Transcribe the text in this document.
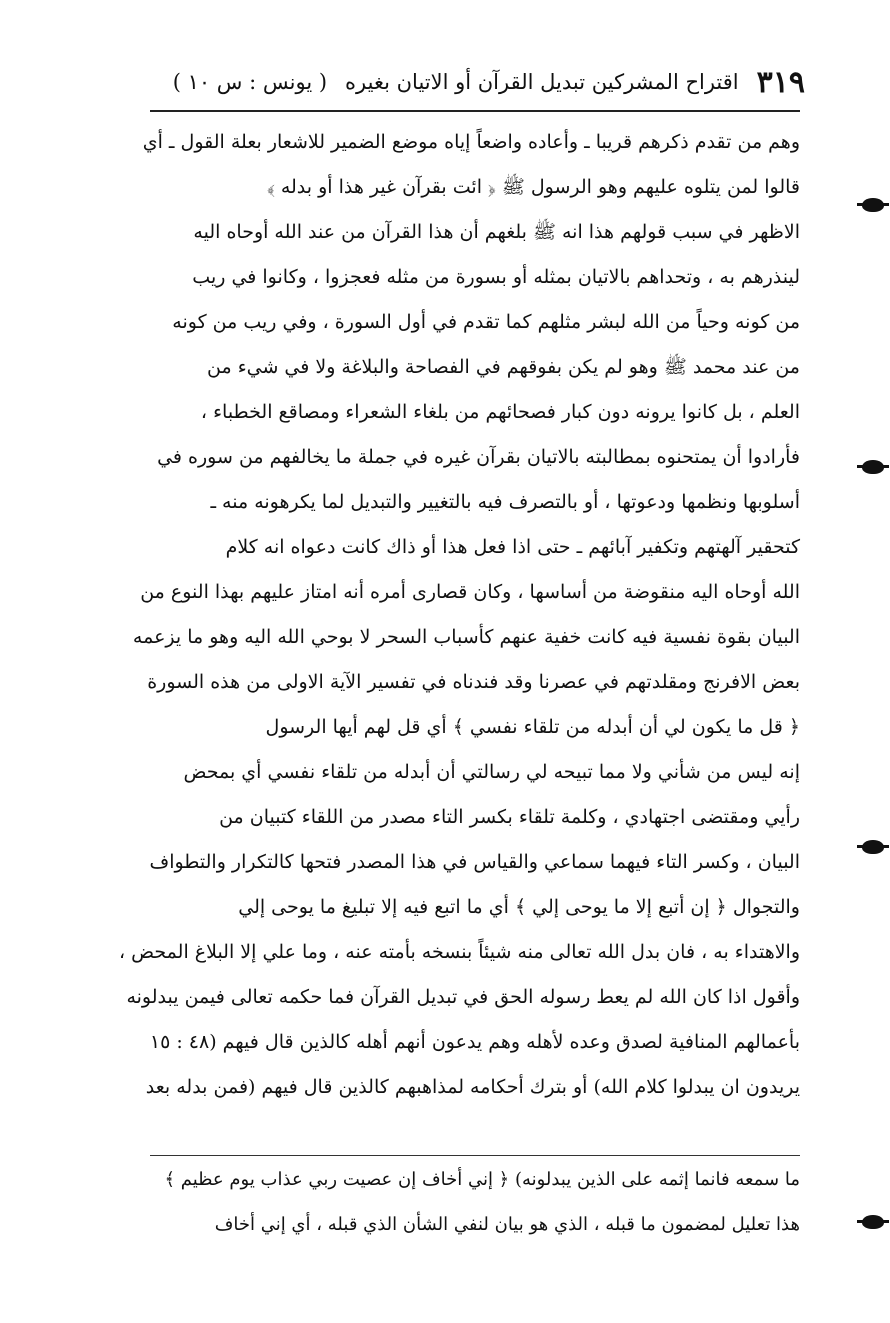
٣١٩
اقتراح المشركين تبديل القرآن أو الاتيان بغيره
( يونس : س ١٠ )
وهم من تقدم ذكرهم قريبا ـ وأعاده واضعاً إياه موضع الضمير للاشعار بعلة القول ـ أي
قالوا لمن يتلوه عليهم وهو الرسول ﷺ ﴿ ائت بقرآن غير هذا أو بدله ﴾
الاظهر في سبب قولهم هذا انه ﷺ بلغهم أن هذا القرآن من عند الله أوحاه اليه
لينذرهم به ، وتحداهم بالاتيان بمثله أو بسورة من مثله فعجزوا ، وكانوا في ريب
من كونه وحياً من الله لبشر مثلهم كما تقدم في أول السورة ، وفي ريب من كونه
من عند محمد ﷺ وهو لم يكن بفوقهم في الفصاحة والبلاغة ولا في شيء من
العلم ، بل كانوا يرونه دون كبار فصحائهم من بلغاء الشعراء ومصاقع الخطباء ،
فأرادوا أن يمتحنوه بمطالبته بالاتيان بقرآن غيره في جملة ما يخالفهم من سوره في
أسلوبها ونظمها ودعوتها ، أو بالتصرف فيه بالتغيير والتبديل لما يكرهونه منه ـ
كتحقير آلهتهم وتكفير آبائهم ـ حتى اذا فعل هذا أو ذاك كانت دعواه انه كلام
الله أوحاه اليه منقوضة من أساسها ، وكان قصارى أمره أنه امتاز عليهم بهذا النوع من
البيان بقوة نفسية فيه كانت خفية عنهم كأسباب السحر لا بوحي الله اليه وهو ما يزعمه
بعض الافرنج ومقلدتهم في عصرنا وقد فندناه في تفسير الآية الاولى من هذه السورة
﴿ قل ما يكون لي أن أبدله من تلقاء نفسي ﴾ أي قل لهم أيها الرسول
إنه ليس من شأني ولا مما تبيحه لي رسالتي أن أبدله من تلقاء نفسي أي بمحض
رأيي ومقتضى اجتهادي ، وكلمة تلقاء بكسر التاء مصدر من اللقاء كتبيان من
البيان ، وكسر التاء فيهما سماعي والقياس في هذا المصدر فتحها كالتكرار والتطواف
والتجوال ﴿ إن أتبع إلا ما يوحى إلي ﴾ أي ما اتبع فيه إلا تبليغ ما يوحى إلي
والاهتداء به ، فان بدل الله تعالى منه شيئاً بنسخه بأمته عنه ، وما علي إلا البلاغ المحض ،
وأقول اذا كان الله لم يعط رسوله الحق في تبديل القرآن فما حكمه تعالى فيمن يبدلونه
بأعمالهم المنافية لصدق وعده لأهله وهم يدعون أنهم أهله كالذين قال فيهم (٤٨ : ١٥
يريدون ان يبدلوا كلام الله) أو بترك أحكامه لمذاهبهم كالذين قال فيهم (فمن بدله بعد
ما سمعه فانما إثمه على الذين يبدلونه) ﴿ إني أخاف إن عصيت ربي عذاب يوم عظيم ﴾
هذا تعليل لمضمون ما قبله ، الذي هو بيان لنفي الشأن الذي قبله ، أي إني أخاف
